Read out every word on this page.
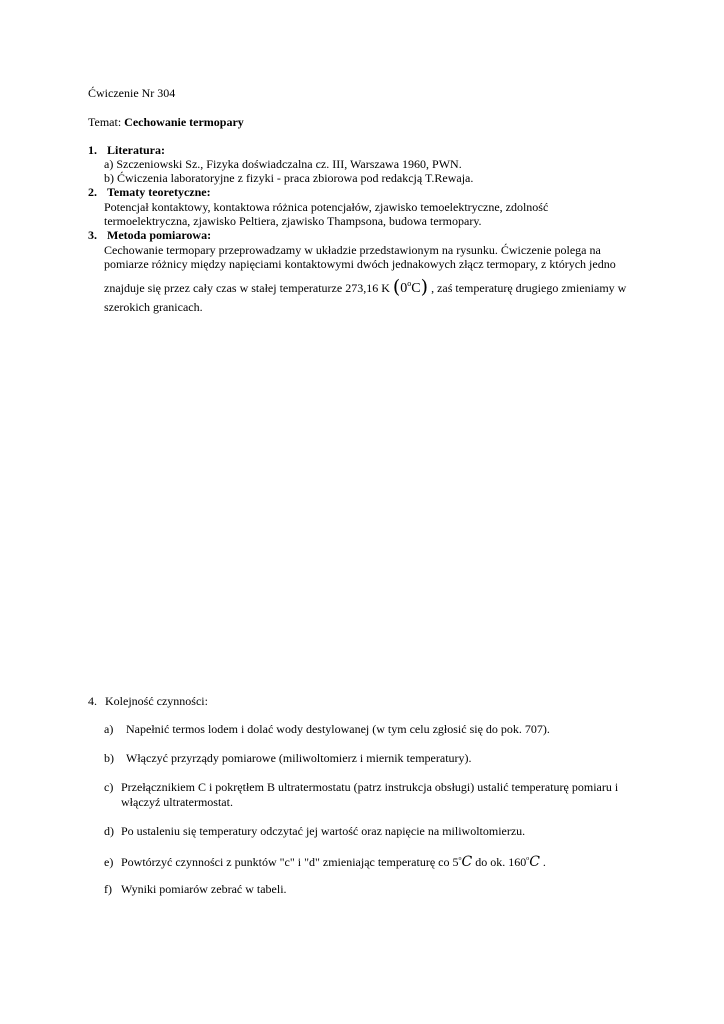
Ćwiczenie Nr 304
Temat: Cechowanie termopary
1. Literatura:
a) Szczeniowski Sz., Fizyka doświadczalna cz. III, Warszawa 1960, PWN.
b) Ćwiczenia laboratoryjne z fizyki - praca zbiorowa pod redakcją T.Rewaja.
2. Tematy teoretyczne:
Potencjał kontaktowy, kontaktowa różnica potencjałów, zjawisko temoelektryczne, zdolność
termoelektryczna, zjawisko Peltiera, zjawisko Thampsona, budowa termopary.
3. Metoda pomiarowa:
Cechowanie termopary przeprowadzamy w układzie przedstawionym na rysunku. Ćwiczenie polega na
pomiarze różnicy między napięciami kontaktowymi dwóch jednakowych złącz termopary, z których jedno
znajduje się przez cały czas w stałej temperaturze 273,16 K (0$^o$C) , zaś temperaturę drugiego zmieniamy w
szerokich granicach.
4. Kolejność czynności:
a) Napełnić termos lodem i dolać wody destylowanej (w tym celu zgłosić się do pok. 707).
b) Włączyć przyrządy pomiarowe (miliwoltomierz i miernik temperatury).
c) Przełącznikiem C i pokrętłem B ultratermostatu (patrz instrukcja obsługi) ustalić temperaturę pomiaru i
włączyź ultratermostat.
d) Po ustaleniu się temperatury odczytać jej wartość oraz napięcie na miliwoltomierzu.
e) Powtórzyć czynności z punktów "c" i "d" zmieniając temperaturę co 5$^o$C do ok. 160$^o$C .
f) Wyniki pomiarów zebrać w tabeli.
